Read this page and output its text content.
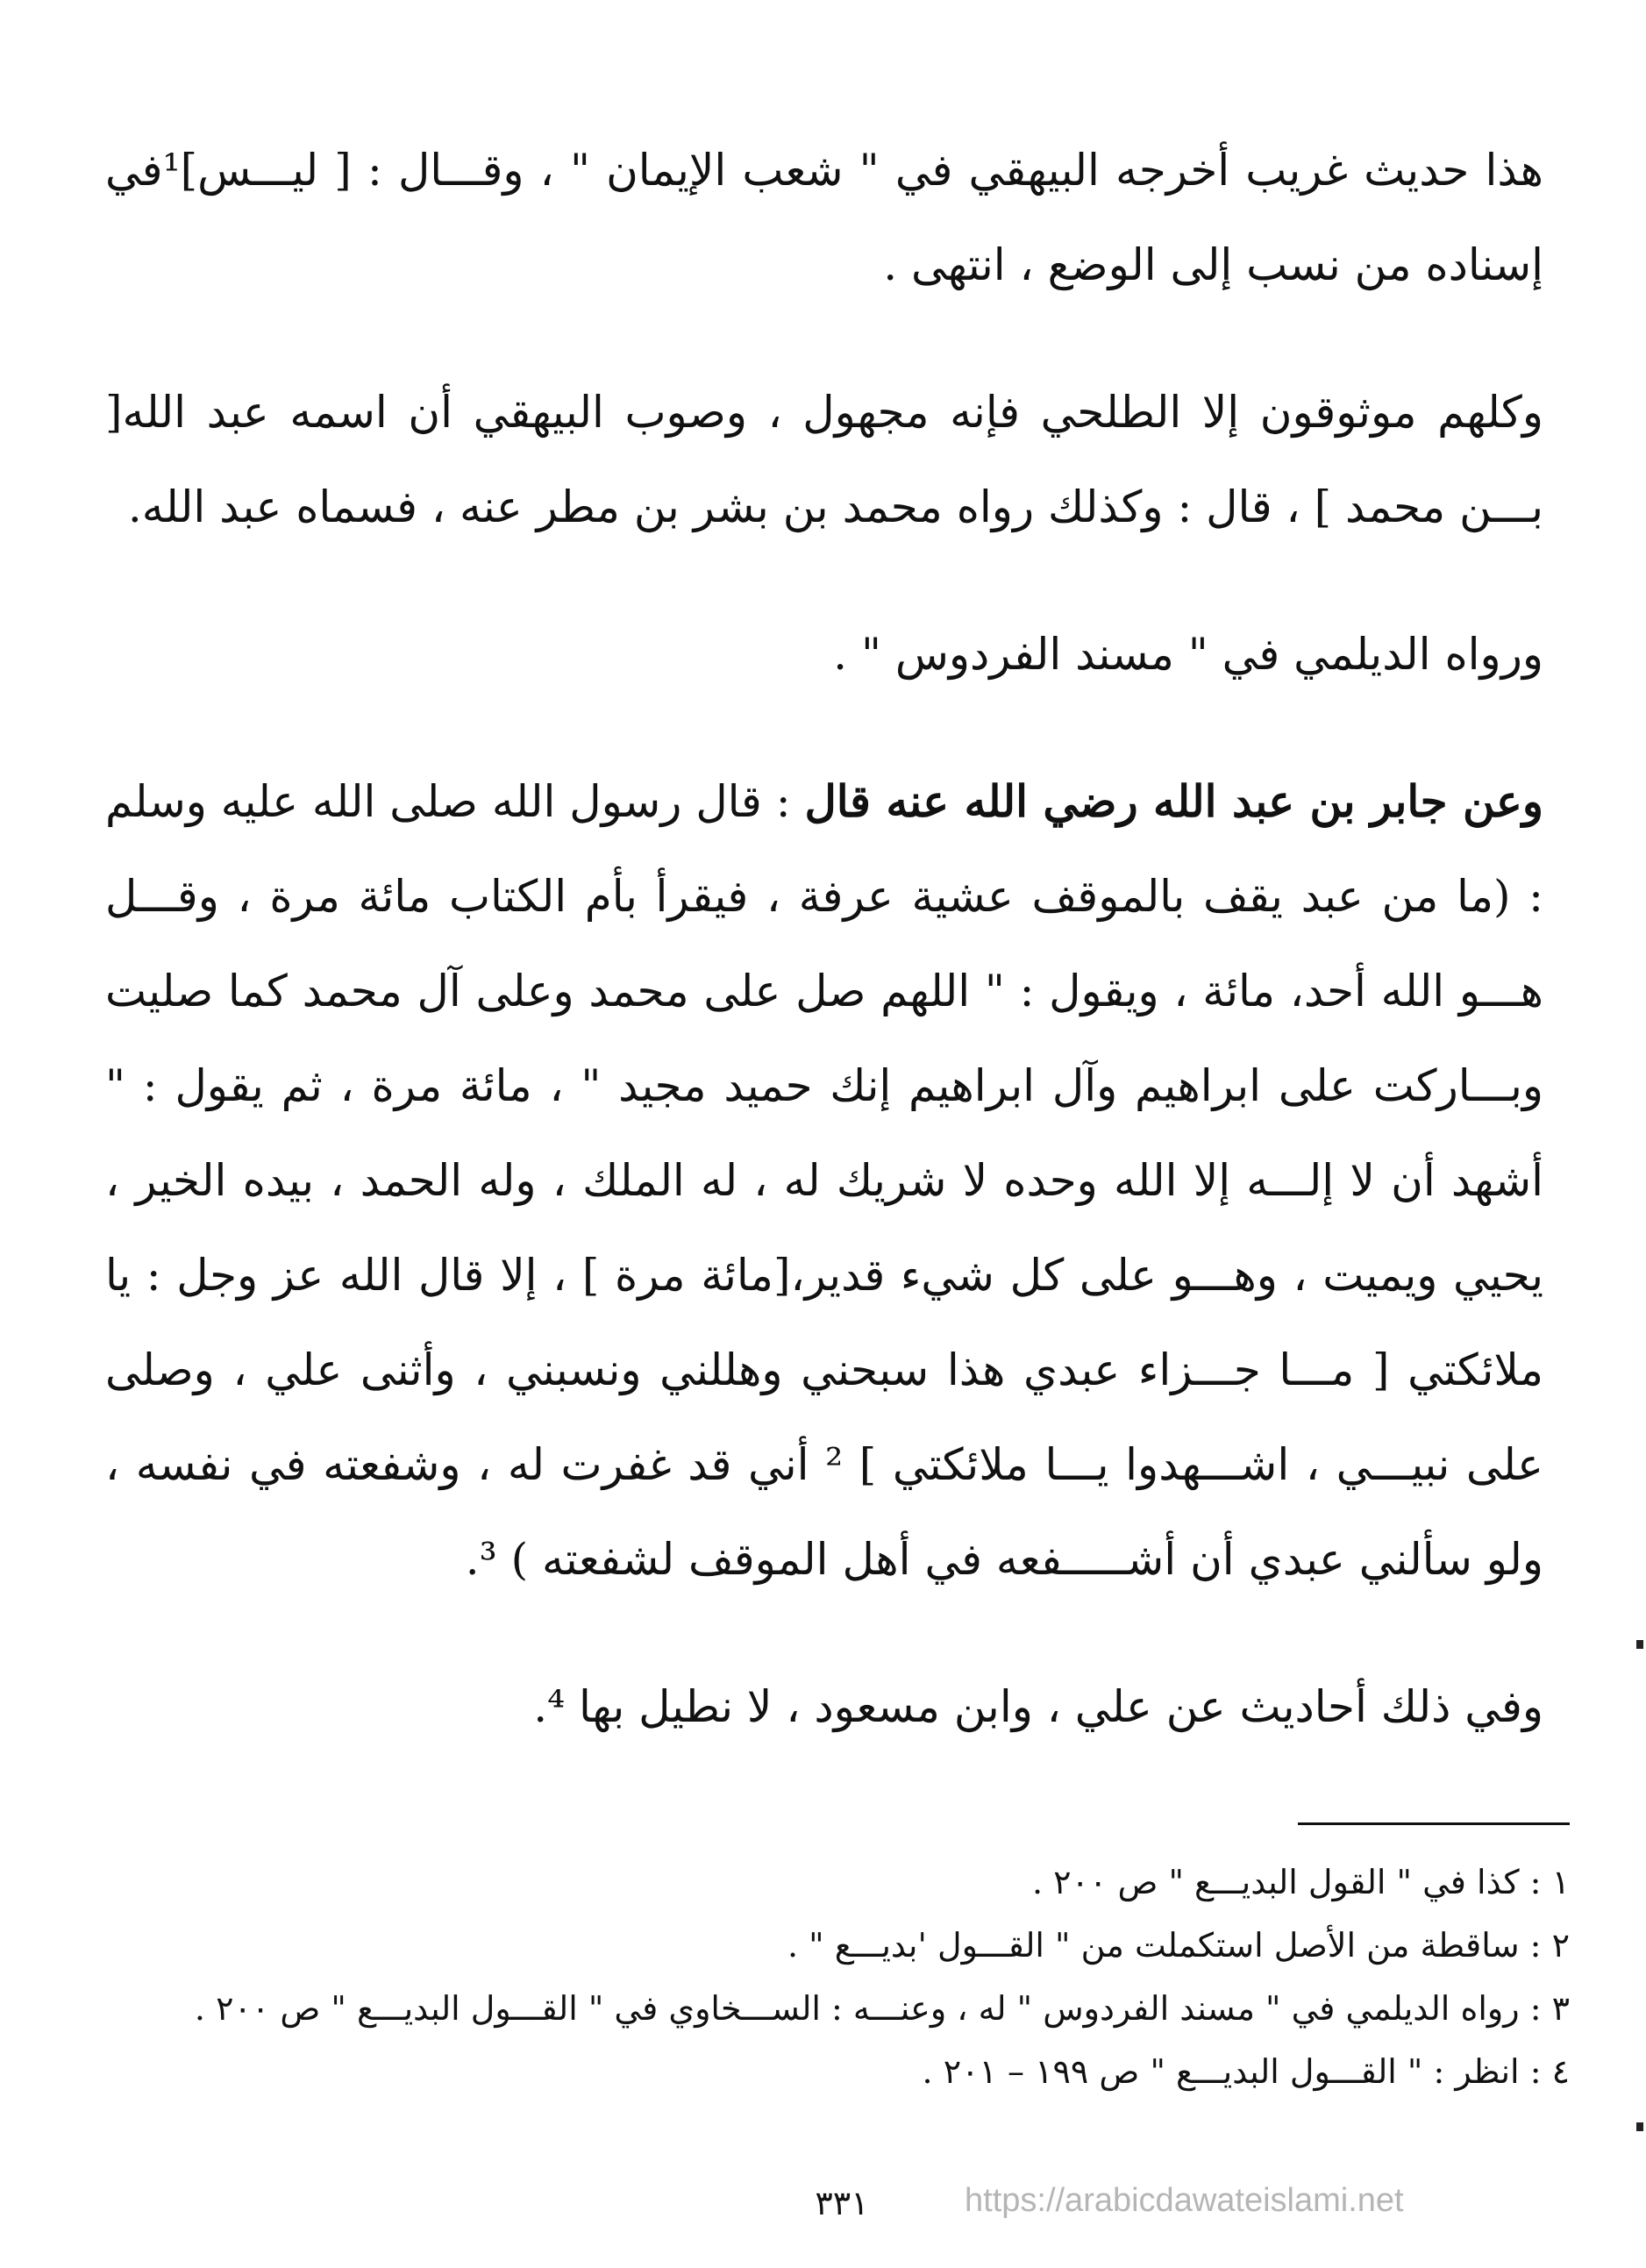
هذا حديث غريب أخرجه البيهقي في " شعب الإيمان " ، وقـــال : [ ليـــس]¹في إسناده من نسب إلى الوضع ، انتهى .

وكلهم موثوقون إلا الطلحي فإنه مجهول ، وصوب البيهقي أن اسمه عبد الله[ بـــن محمد ] ، قال : وكذلك رواه محمد بن بشر بن مطر عنه ، فسماه عبد الله.

ورواه الديلمي في " مسند الفردوس " .

وعن جابر بن عبد الله رضي الله عنه قال : قال رسول الله صلى الله عليه وسلم : (ما من عبد يقف بالموقف عشية عرفة ، فيقرأ بأم الكتاب مائة مرة ، وقـــل هـــو الله أحد، مائة ، ويقول : " اللهم صل على محمد وعلى آل محمد كما صليت وبـــاركت على ابراهيم وآل ابراهيم إنك حميد مجيد " ، مائة مرة ، ثم يقول : " أشهد أن لا إلـــه إلا الله وحده لا شريك له ، له الملك ، وله الحمد ، بيده الخير ، يحيي ويميت ، وهـــو على كل شيء قدير،[مائة مرة ] ، إلا قال الله عز وجل : يا ملائكتي [ مـــا جـــزاء عبدي هذا سبحني وهللني ونسبني ، وأثنى علي ، وصلى على نبيـــي ، اشـــهدوا يـــا ملائكتي ] ² أني قد غفرت له ، وشفعته في نفسه ، ولو سألني عبدي أن أشـــــفعه في أهل الموقف لشفعته ) ³.

وفي ذلك أحاديث عن علي ، وابن مسعود ، لا نطيل بها ⁴.

١ : كذا في " القول البديـــع " ص ٢٠٠ .

٢ : ساقطة من الأصل استكملت من " القـــول 'بديـــع " .

٣ : رواه الديلمي في " مسند الفردوس " له ، وعنـــه : الســـخاوي في " القـــول البديـــع " ص ٢٠٠ .

٤ : انظر : " القـــول البديـــع " ص ١٩٩ – ٢٠١ .

٣٣١	https://arabicdawateislami.net
